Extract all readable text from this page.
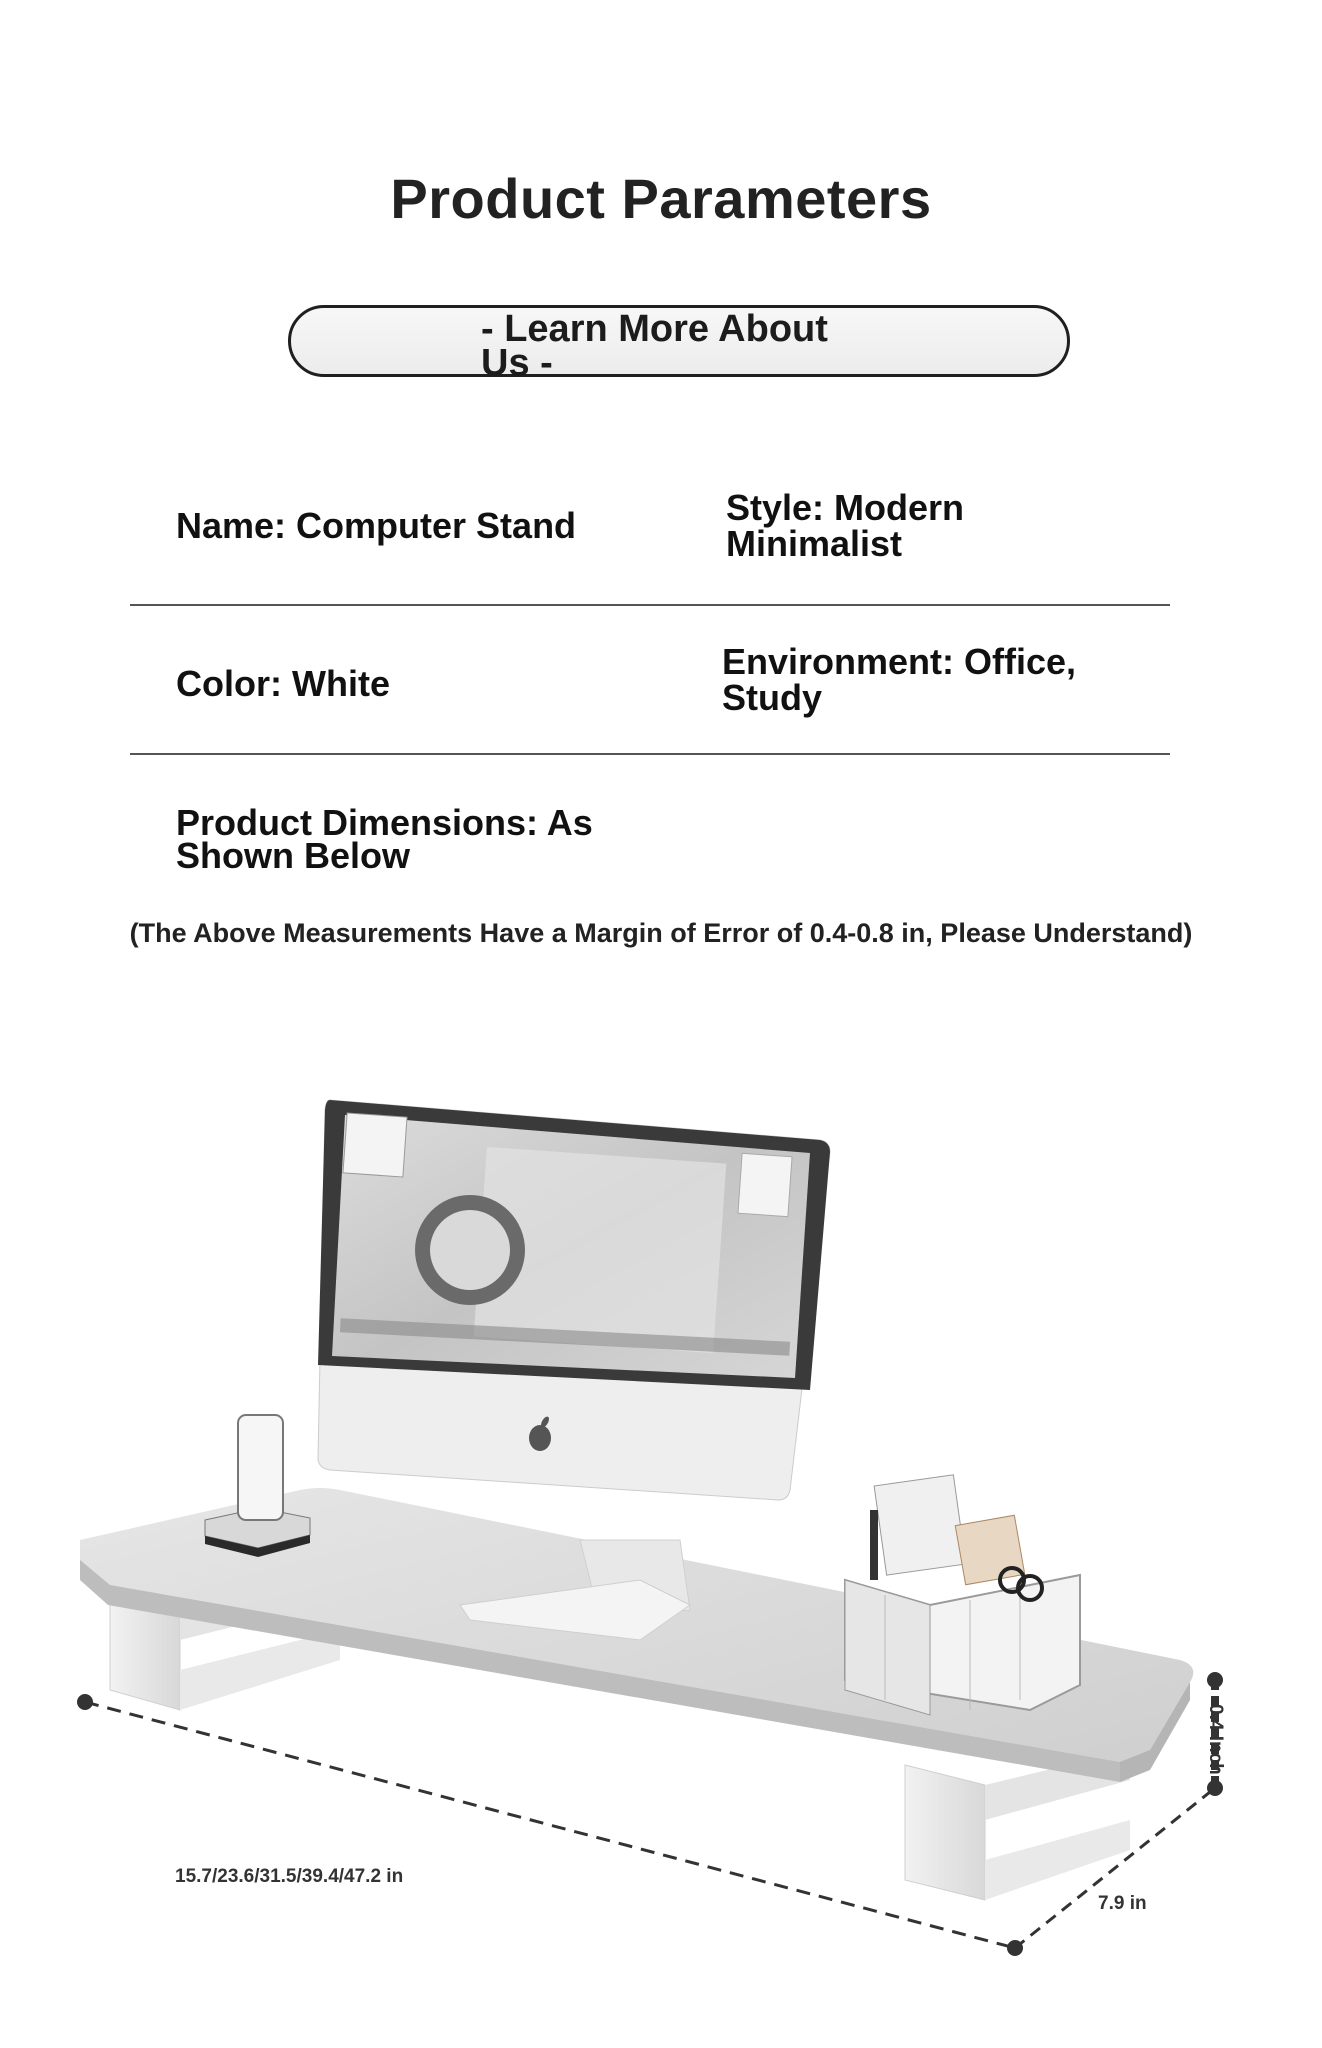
Product Parameters
- Learn More About Us -
Name: Computer Stand	Style: Modern Minimalist
Color: White
Environment: Office, Study
Product Dimensions: As Shown Below
(The Above Measurements Have a Margin of Error of 0.4-0.8 in, Please Understand)
15.7/23.6/31.5/39.4/47.2 in
7.9 in
0.4 Inch
